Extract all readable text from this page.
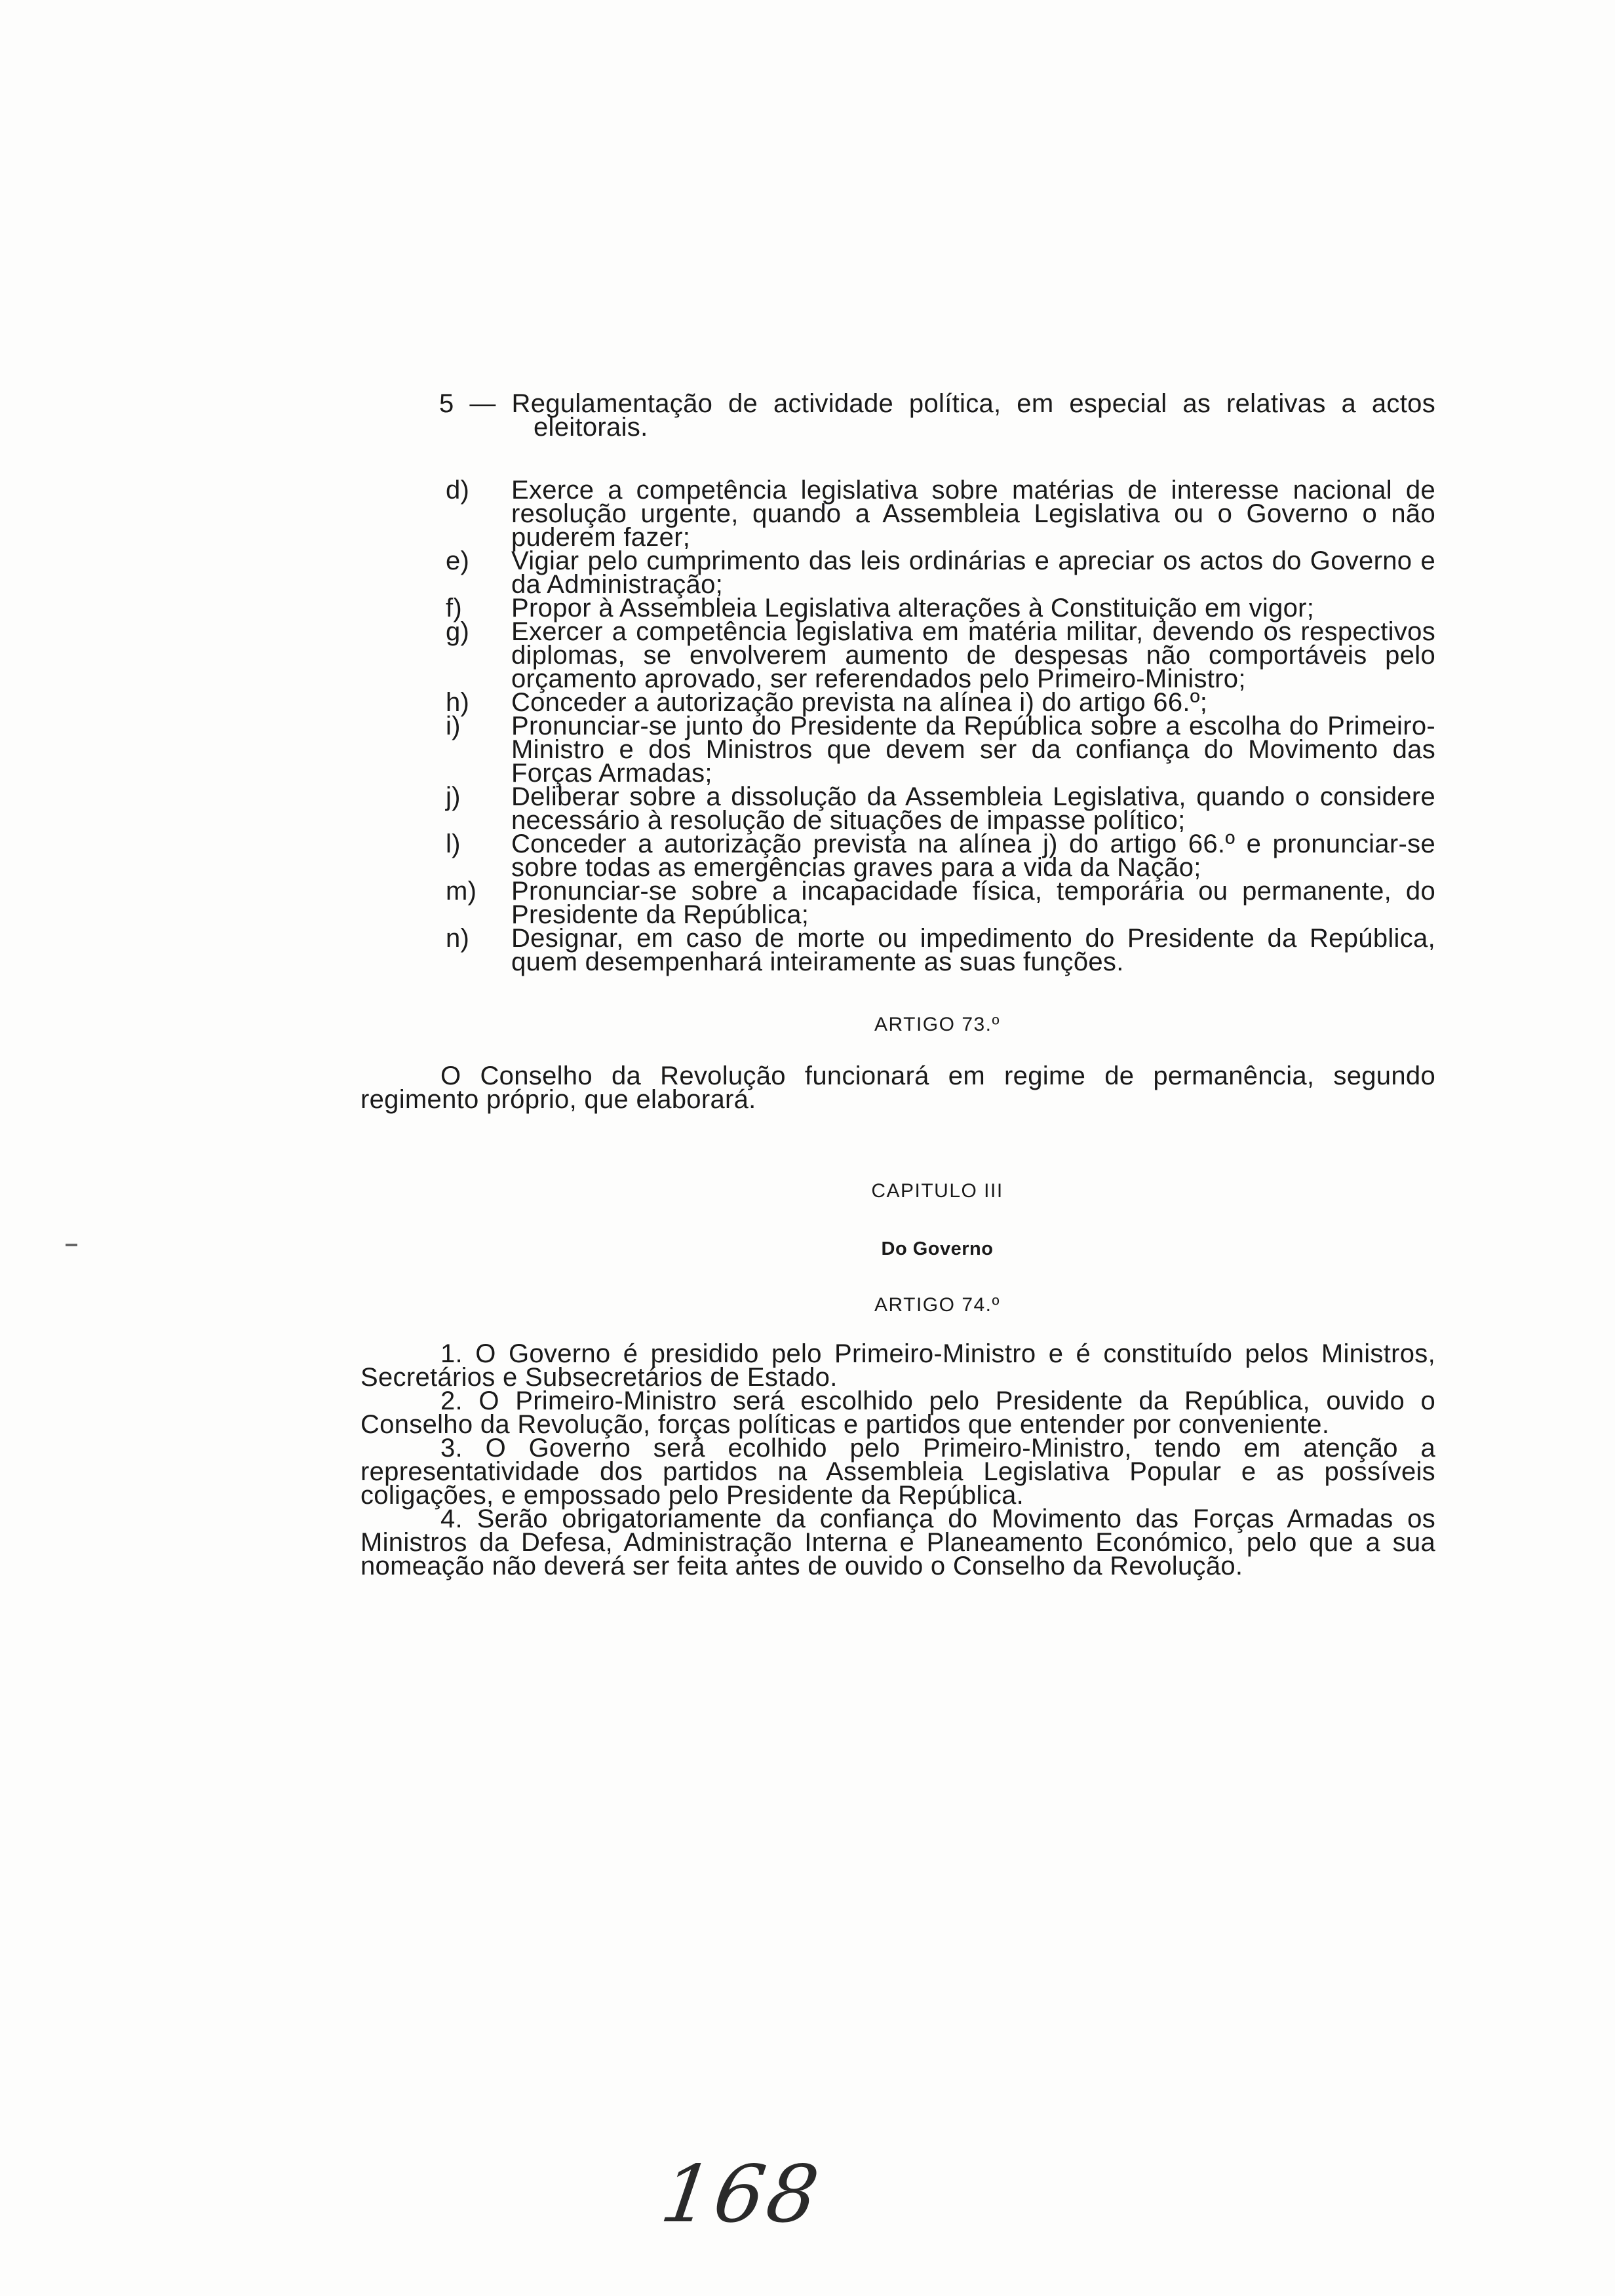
5 — Regulamentação de actividade política, em especial as relativas a actos eleitorais.
d)	Exerce a competência legislativa sobre matérias de interesse nacional de resolução urgente, quando a Assembleia Legislativa ou o Governo o não puderem fazer;
e)	Vigiar pelo cumprimento das leis ordinárias e apreciar os actos do Governo e da Administração;
f)	Propor à Assembleia Legislativa alterações à Constituição em vigor;
g)	Exercer a competência legislativa em matéria militar, devendo os respectivos diplomas, se envolverem aumento de despesas não comportáveis pelo orçamento aprovado, ser referendados pelo Primeiro-Ministro;
h)	Conceder a autorização prevista na alínea i) do artigo 66.º;
i)	Pronunciar-se junto do Presidente da República sobre a escolha do Primeiro-Ministro e dos Ministros que devem ser da confiança do Movimento das Forças Armadas;
j)	Deliberar sobre a dissolução da Assembleia Legislativa, quando o considere necessário à resolução de situações de impasse político;
l)	Conceder a autorização prevista na alínea j) do artigo 66.º e pronunciar-se sobre todas as emergências graves para a vida da Nação;
m)	Pronunciar-se sobre a incapacidade física, temporária ou permanente, do Presidente da República;
n)	Designar, em caso de morte ou impedimento do Presidente da República, quem desempenhará inteiramente as suas funções.
ARTIGO 73.º
O Conselho da Revolução funcionará em regime de permanência, segundo regimento próprio, que elaborará.
CAPITULO III
Do Governo
ARTIGO 74.º
1. O Governo é presidido pelo Primeiro-Ministro e é constituído pelos Ministros, Secretários e Subsecretários de Estado.
2. O Primeiro-Ministro será escolhido pelo Presidente da República, ouvido o Conselho da Revolução, forças políticas e partidos que entender por conveniente.
3. O Governo será ecolhido pelo Primeiro-Ministro, tendo em atenção a representatividade dos partidos na Assembleia Legislativa Popular e as possíveis coligações, e empossado pelo Presidente da República.
4. Serão obrigatoriamente da confiança do Movimento das Forças Armadas os Ministros da Defesa, Administração Interna e Planeamento Económico, pelo que a sua nomeação não deverá ser feita antes de ouvido o Conselho da Revolução.
168
